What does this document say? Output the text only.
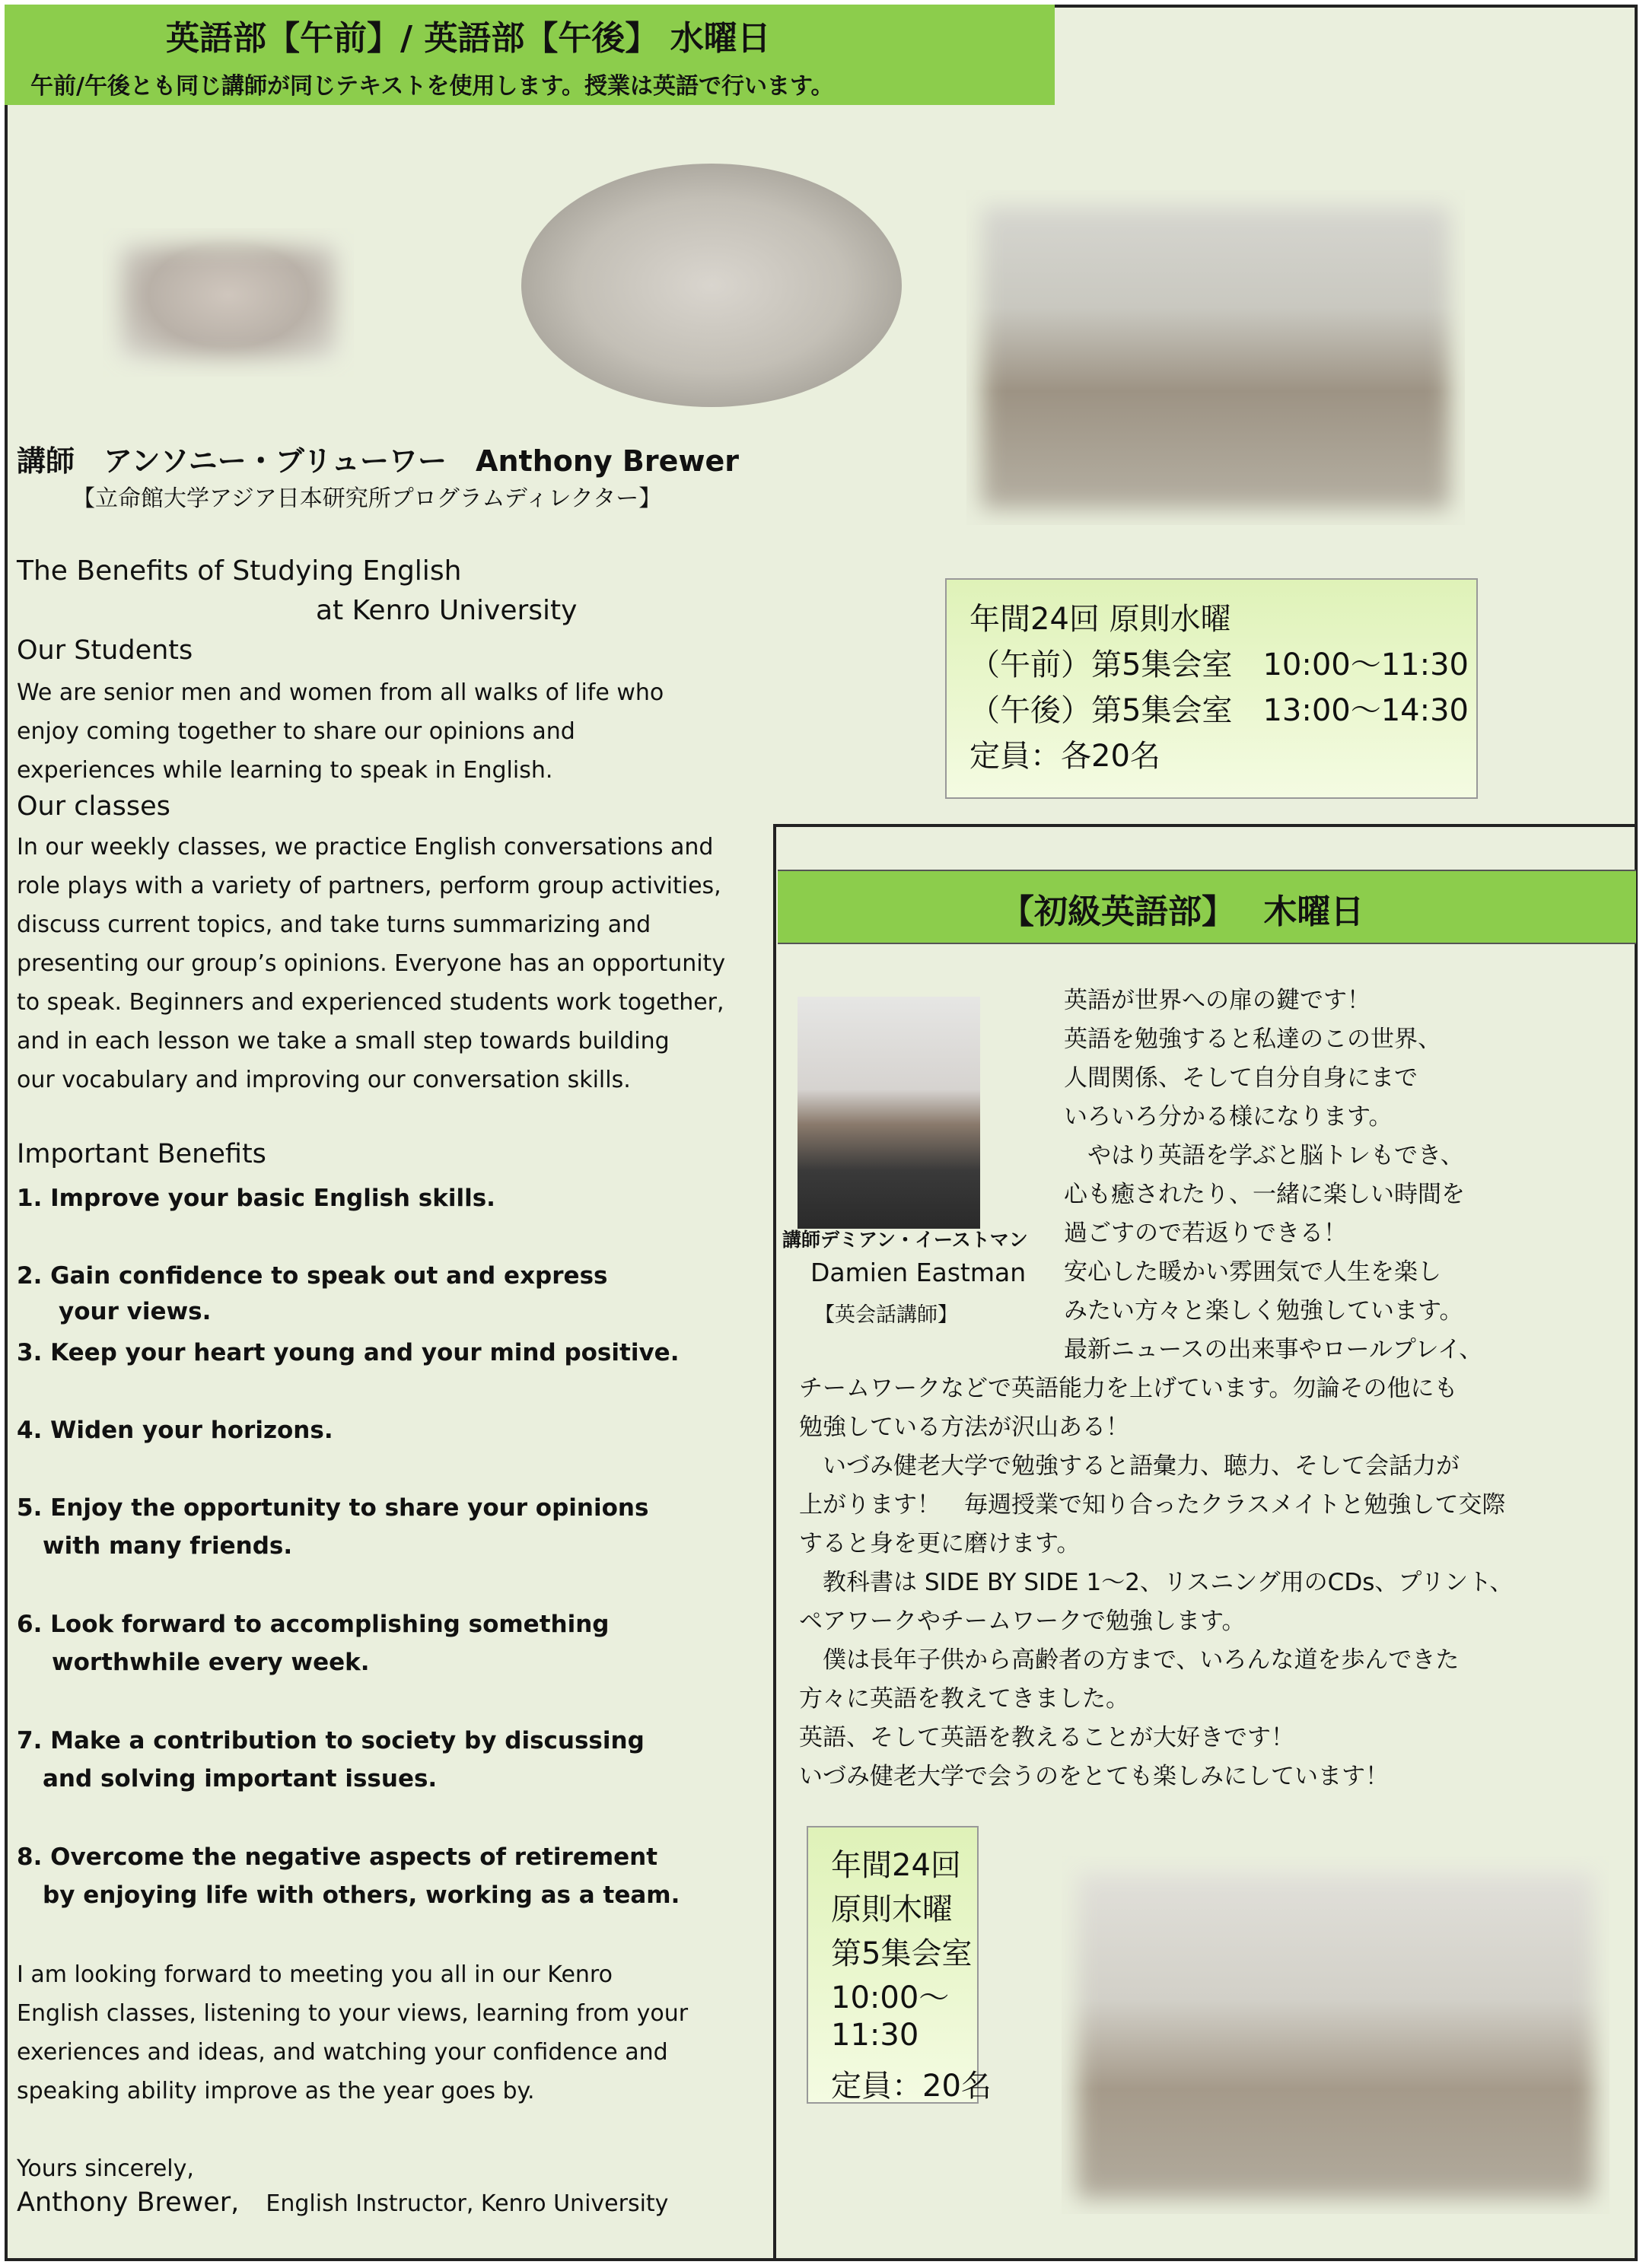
英語部【午前】/ 英語部【午後】 水曜日
午前/午後とも同じ講師が同じテキストを使用します。授業は英語で行います。
講師　アンソニー・ブリューワー　Anthony Brewer
【立命館大学アジア日本研究所プログラムディレクター】
The Benefits of Studying English
at Kenro University
Our Students
We are senior men and women from all walks of life who
enjoy coming together to share our opinions and
experiences while learning to speak in English.
Our classes
In our weekly classes, we practice English conversations and
role plays with a variety of partners, perform group activities,
discuss current topics, and take turns summarizing and
presenting our group’s opinions. Everyone has an opportunity
to speak. Beginners and experienced students work together,
and in each lesson we take a small step towards building
our vocabulary and improving our conversation skills.
Important Benefits
1. Improve your basic English skills.
2. Gain confidence to speak out and express
your views.
3. Keep your heart young and your mind positive.
4. Widen your horizons.
5. Enjoy the opportunity to share your opinions
with many friends.
6. Look forward to accomplishing something
worthwhile every week.
7. Make a contribution to society by discussing
and solving important issues.
8. Overcome the negative aspects of retirement
by enjoying life with others, working as a team.
I am looking forward to meeting you all in our Kenro
English classes, listening to your views, learning from your
exeriences and ideas, and watching your confidence and
speaking ability improve as the year goes by.
Yours sincerely,
Anthony Brewer, English Instructor, Kenro University
年間24回 原則水曜
（午前）第5集会室　10:00～11:30
（午後）第5集会室　13:00～14:30
定員：各20名
【初級英語部】　 木曜日
講師デミアン・イーストマン
Damien Eastman
【英会話講師】
英語が世界への扉の鍵です！
英語を勉強すると私達のこの世界、
人間関係、そして自分自身にまで
いろいろ分かる様になります。
　やはり英語を学ぶと脳トレもでき、
心も癒されたり、一緒に楽しい時間を
過ごすので若返りできる！
安心した暖かい雰囲気で人生を楽し
みたい方々と楽しく勉強しています。
最新ニュースの出来事やロールプレイ、
チームワークなどで英語能力を上げています。勿論その他にも
勉強している方法が沢山ある！
　いづみ健老大学で勉強すると語彙力、聴力、そして会話力が
上がります！　毎週授業で知り合ったクラスメイトと勉強して交際
すると身を更に磨けます。
　教科書は SIDE BY SIDE 1～2、リスニング用のCDs、プリント、
ペアワークやチームワークで勉強します。
　僕は長年子供から高齢者の方まで、いろんな道を歩んできた
方々に英語を教えてきました。
英語、そして英語を教えることが大好きです！
いづみ健老大学で会うのをとても楽しみにしています！
年間24回
原則木曜
第5集会室
10:00～
11:30
定員：20名
